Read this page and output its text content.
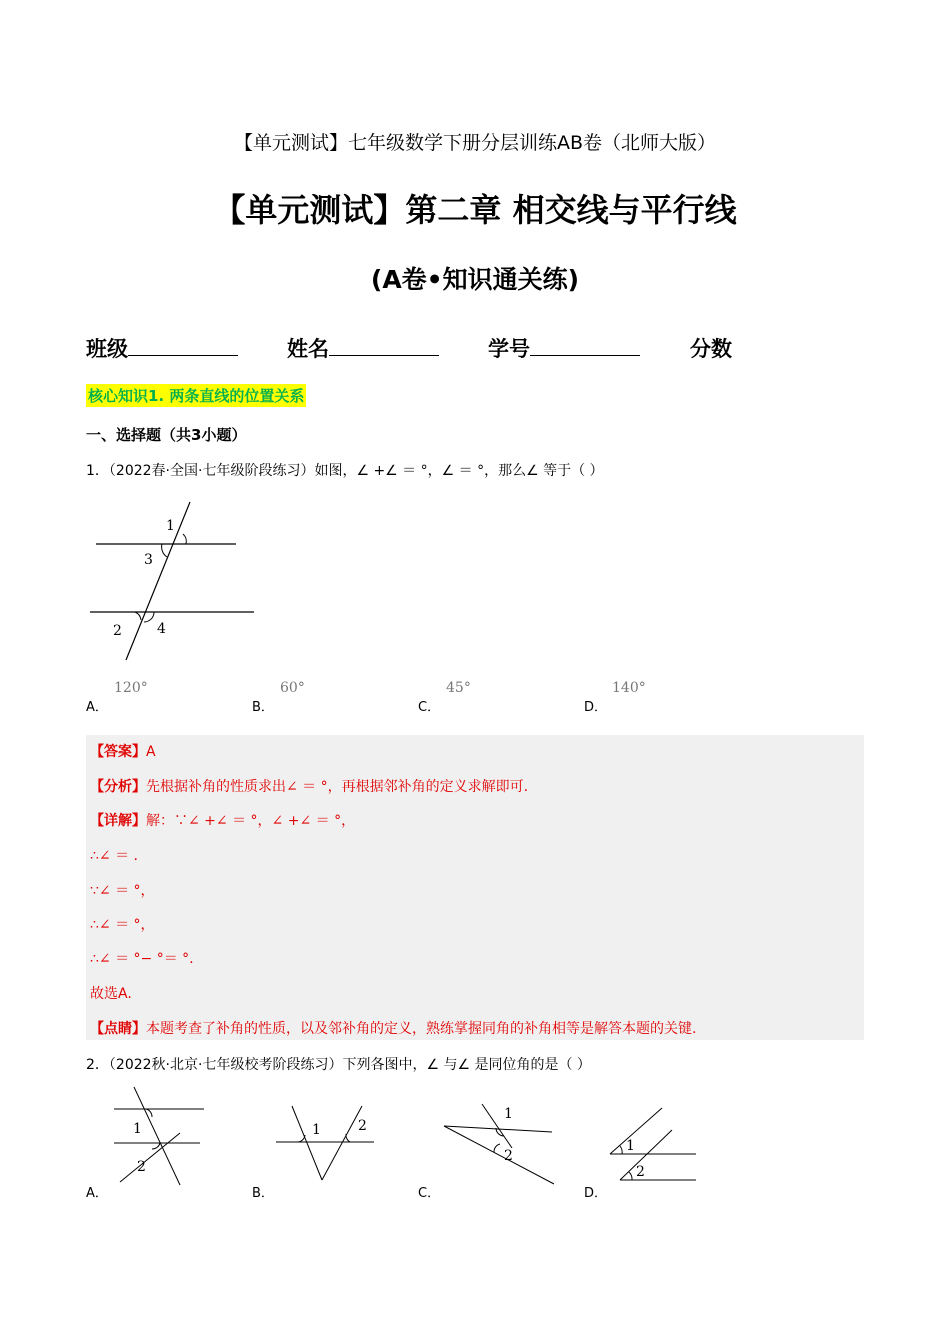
【单元测试】七年级数学下册分层训练AB卷（北师大版）
【单元测试】第二章 相交线与平行线
(A卷•知识通关练)
班级	姓名	学号	分数
核心知识1. 两条直线的位置关系
一、选择题（共3小题）
1．（2022春·全国·七年级阶段练习）如图，∠ +∠ ＝ °，∠ ＝ °，那么∠ 等于（ ）
1
3
2	4
120°	60°	45°	140°
A．	B．	C．	D．
【答案】A
【分析】先根据补角的性质求出∠ ＝ °，再根据邻补角的定义求解即可.
【详解】解：∵∠ +∠ ＝ °，∠ +∠ ＝ °，
∴∠ ＝ .
∵∠ ＝ °，
∴∠ ＝ °，
∴∠ ＝ °− °＝ °.
故选A.
【点睛】本题考查了补角的性质，以及邻补角的定义，熟练掌握同角的补角相等是解答本题的关键.
2．（2022秋·北京·七年级校考阶段练习）下列各图中，∠ 与∠ 是同位角的是（ ）
1
2
1	2
1
2
1
2
A．	B．	C．	D．
